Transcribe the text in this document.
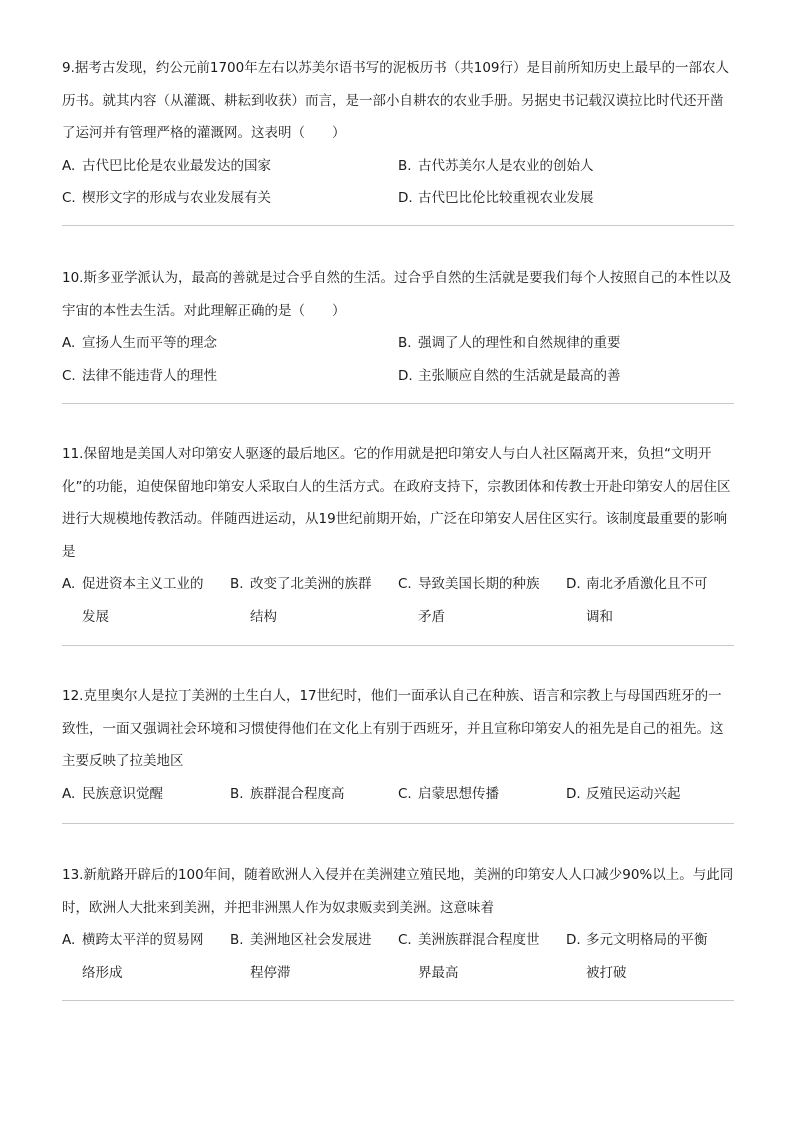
9.据考古发现，约公元前1700年左右以苏美尔语书写的泥板历书（共109行）是目前所知历史上最早的一部农人历书。就其内容（从灌溉、耕耘到收获）而言，是一部小自耕农的农业手册。另据史书记载汉谟拉比时代还开凿了运河并有管理严格的灌溉网。这表明（　　）

A. 古代巴比伦是农业最发达的国家	B. 古代苏美尔人是农业的创始人
C. 楔形文字的形成与农业发展有关	D. 古代巴比伦比较重视农业发展

10.斯多亚学派认为，最高的善就是过合乎自然的生活。过合乎自然的生活就是要我们每个人按照自己的本性以及宇宙的本性去生活。对此理解正确的是（　　）

A. 宣扬人生而平等的理念	B. 强调了人的理性和自然规律的重要
C. 法律不能违背人的理性	D. 主张顺应自然的生活就是最高的善

11.保留地是美国人对印第安人驱逐的最后地区。它的作用就是把印第安人与白人社区隔离开来，负担“文明开化”的功能，迫使保留地印第安人采取白人的生活方式。在政府支持下，宗教团体和传教士开赴印第安人的居住区进行大规模地传教活动。伴随西进运动，从19世纪前期开始，广泛在印第安人居住区实行。该制度最重要的影响是

A. 促进资本主义工业的发展
B. 改变了北美洲的族群结构
C. 导致美国长期的种族矛盾
D. 南北矛盾激化且不可调和

12.克里奥尔人是拉丁美洲的土生白人，17世纪时，他们一面承认自己在种族、语言和宗教上与母国西班牙的一致性，一面又强调社会环境和习惯使得他们在文化上有别于西班牙，并且宣称印第安人的祖先是自己的祖先。这主要反映了拉美地区

A. 民族意识觉醒	B. 族群混合程度高	C. 启蒙思想传播	D. 反殖民运动兴起

13.新航路开辟后的100年间，随着欧洲人入侵并在美洲建立殖民地，美洲的印第安人人口减少90%以上。与此同时，欧洲人大批来到美洲，并把非洲黑人作为奴隶贩卖到美洲。这意味着

A. 横跨太平洋的贸易网络形成
B. 美洲地区社会发展进程停滞
C. 美洲族群混合程度世界最高
D. 多元文明格局的平衡被打破
